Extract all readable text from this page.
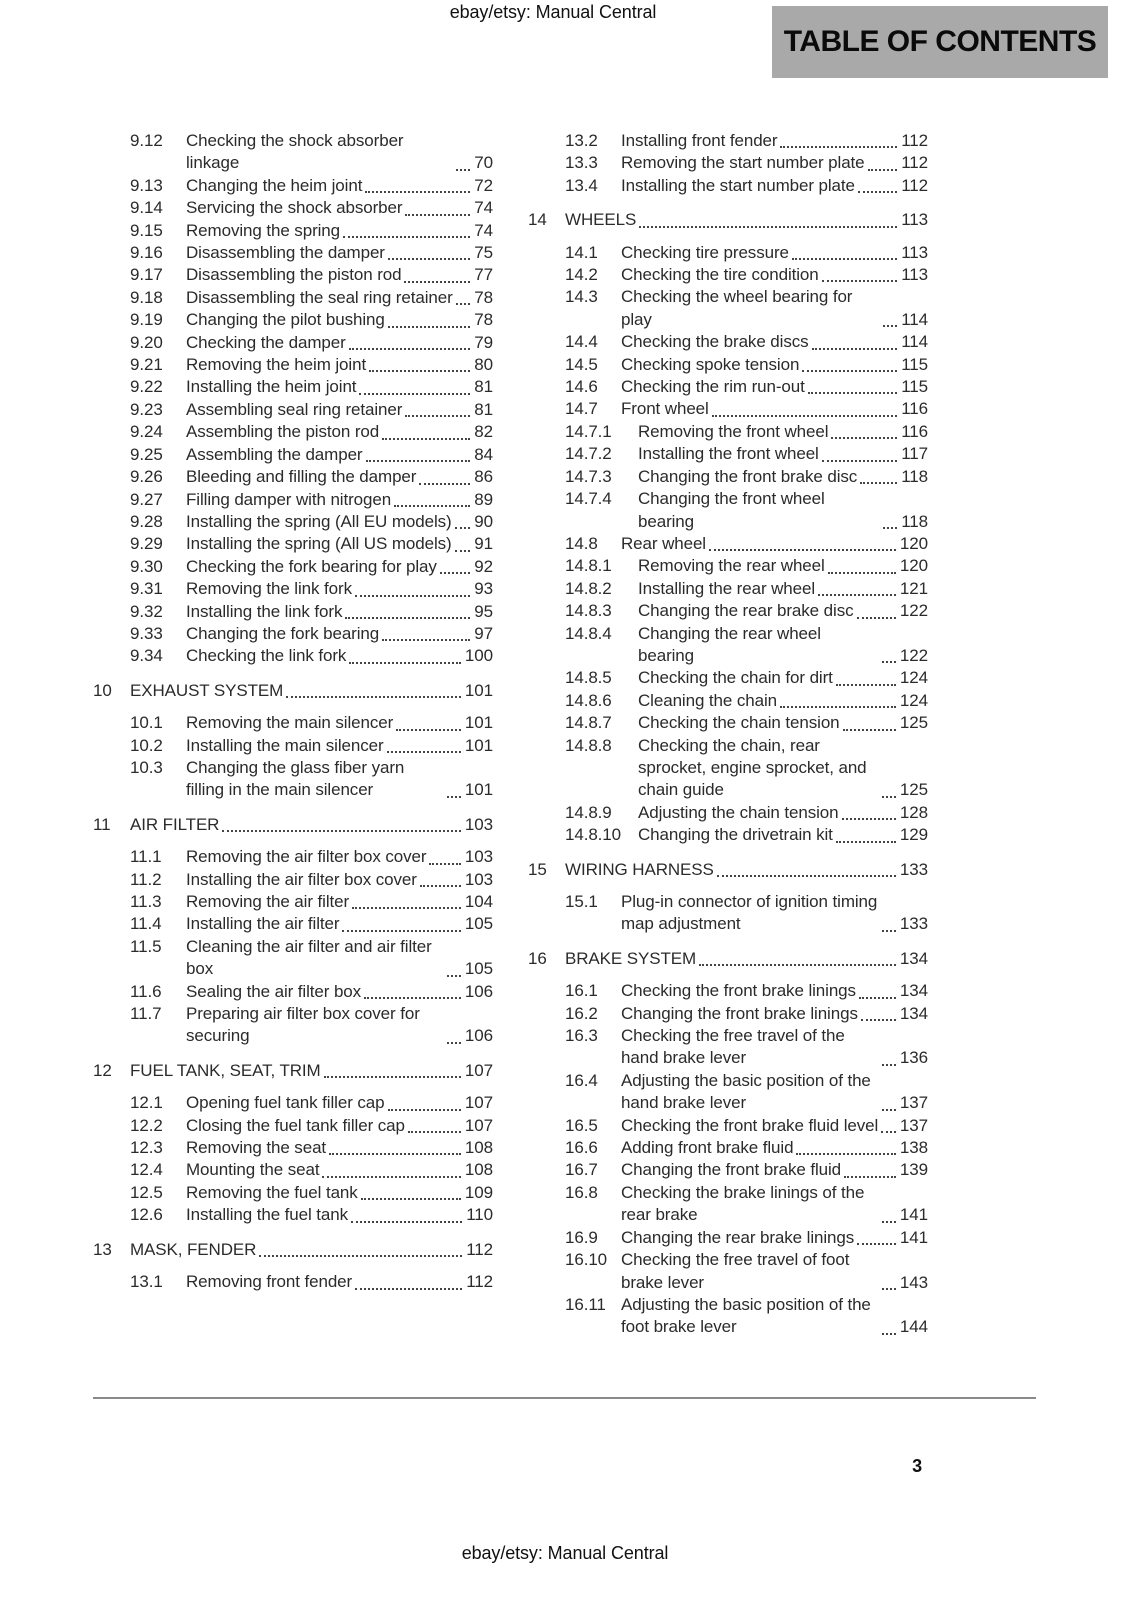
ebay/etsy: Manual Central
TABLE OF CONTENTS
9.12	Checking the shock absorber linkage	70
9.13	Changing the heim joint	72
9.14	Servicing the shock absorber	74
9.15	Removing the spring	74
9.16	Disassembling the damper	75
9.17	Disassembling the piston rod	77
9.18	Disassembling the seal ring retainer 78
9.19	Changing the pilot bushing	78
9.20	Checking the damper	79
9.21	Removing the heim joint	80
9.22	Installing the heim joint	81
9.23	Assembling seal ring retainer	81
9.24	Assembling the piston rod	82
9.25	Assembling the damper	84
9.26	Bleeding and filling the damper	86
9.27	Filling damper with nitrogen	89
9.28	Installing the spring (All EU models) 90
9.29	Installing the spring (All US models) 91
9.30	Checking the fork bearing for play 92
9.31	Removing the link fork	93
9.32	Installing the link fork	95
9.33	Changing the fork bearing	97
9.34	Checking the link fork	100
10	EXHAUST SYSTEM	101
10.1	Removing the main silencer	101
10.2	Installing the main silencer	101
10.3	Changing the glass fiber yarn filling in the main silencer	101
11	AIR FILTER	103
11.1	Removing the air filter box cover 103
11.2	Installing the air filter box cover	103
11.3	Removing the air filter	104
11.4	Installing the air filter	105
11.5	Cleaning the air filter and air filter box	105
11.6	Sealing the air filter box	106
11.7	Preparing air filter box cover for securing	106
12	FUEL TANK, SEAT, TRIM	107
12.1	Opening fuel tank filler cap	107
12.2	Closing the fuel tank filler cap	107
12.3	Removing the seat	108
12.4	Mounting the seat	108
12.5	Removing the fuel tank	109
12.6	Installing the fuel tank	110
13	MASK, FENDER	112
13.1	Removing front fender	112
13.2	Installing front fender	112
13.3	Removing the start number plate 112
13.4	Installing the start number plate	112
14	WHEELS	113
14.1	Checking tire pressure	113
14.2	Checking the tire condition	113
14.3	Checking the wheel bearing for play	114
14.4	Checking the brake discs	114
14.5	Checking spoke tension	115
14.6	Checking the rim run-out	115
14.7	Front wheel	116
14.7.1	Removing the front wheel	116
14.7.2	Installing the front wheel	117
14.7.3	Changing the front brake disc	118
14.7.4	Changing the front wheel bearing	118
14.8	Rear wheel	120
14.8.1	Removing the rear wheel	120
14.8.2	Installing the rear wheel	121
14.8.3	Changing the rear brake disc	122
14.8.4	Changing the rear wheel bearing	122
14.8.5	Checking the chain for dirt	124
14.8.6	Cleaning the chain	124
14.8.7	Checking the chain tension	125
14.8.8	Checking the chain, rear sprocket, engine sprocket, and chain guide	125
14.8.9	Adjusting the chain tension	128
14.8.10 Changing the drivetrain kit	129
15	WIRING HARNESS	133
15.1	Plug-in connector of ignition timing map adjustment	133
16	BRAKE SYSTEM	134
16.1	Checking the front brake linings	134
16.2	Changing the front brake linings 134
16.3	Checking the free travel of the hand brake lever	136
16.4	Adjusting the basic position of the hand brake lever	137
16.5	Checking the front brake fluid level 137
16.6	Adding front brake fluid	138
16.7	Changing the front brake fluid	139
16.8	Checking the brake linings of the rear brake	141
16.9	Changing the rear brake linings	141
16.10 Checking the free travel of foot brake lever	143
16.11 Adjusting the basic position of the foot brake lever	144
3
ebay/etsy: Manual Central
